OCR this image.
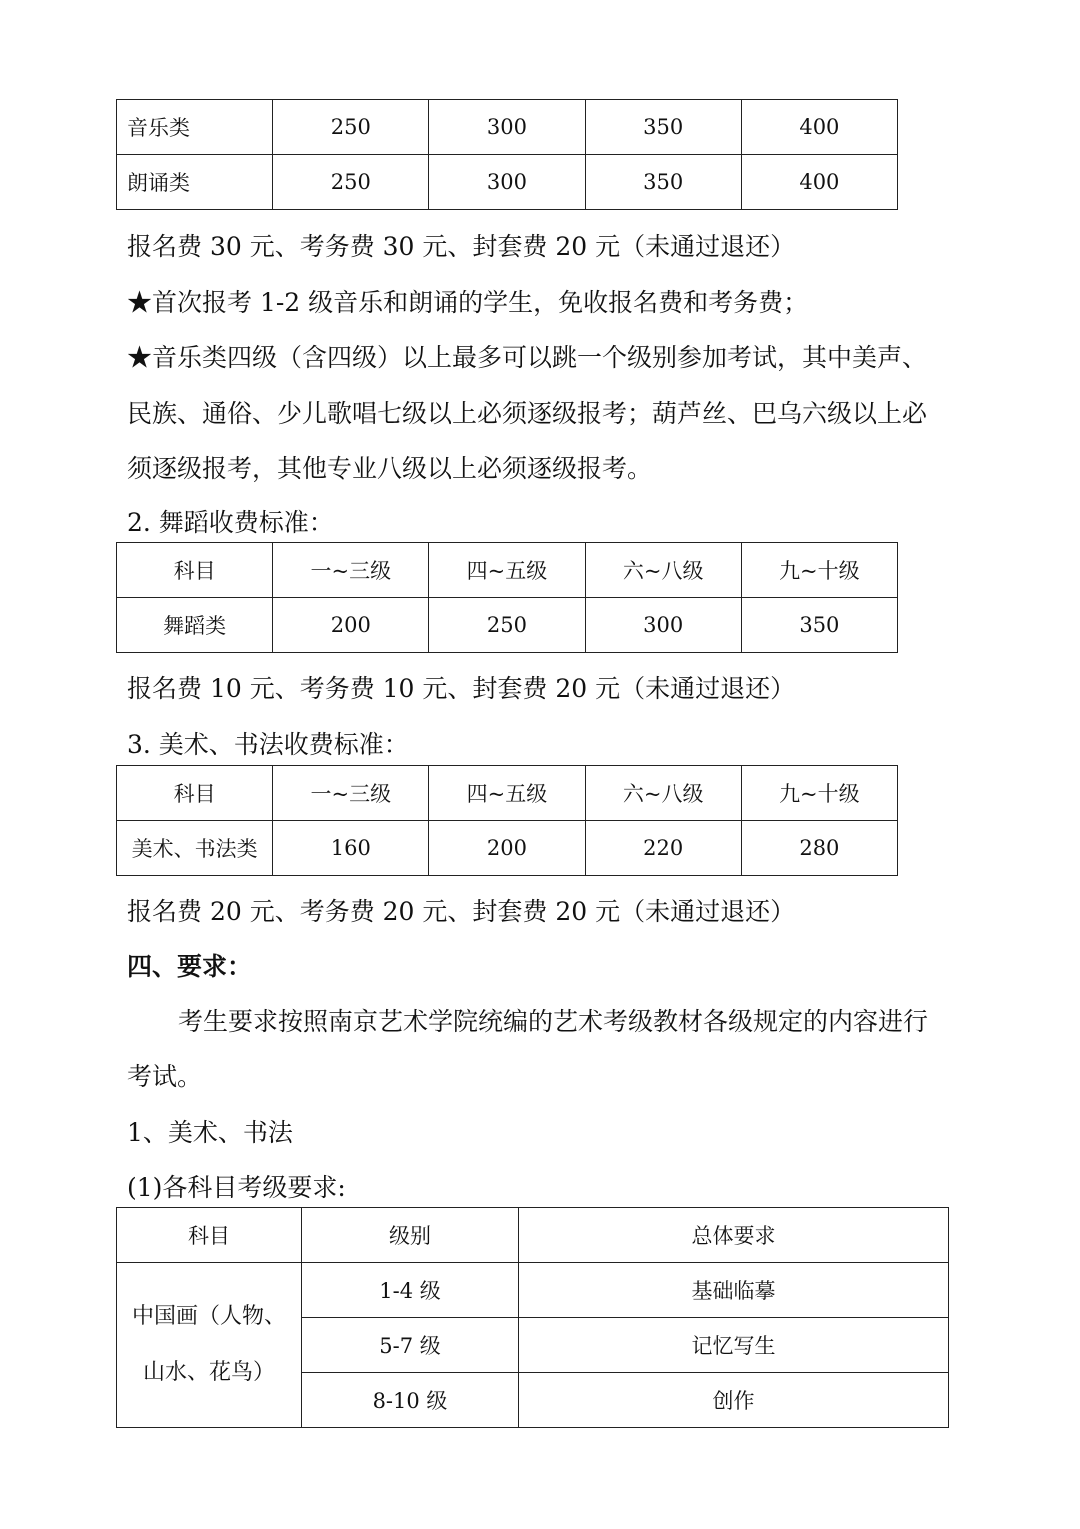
音乐类	250	300	350	400
朗诵类	250	300	350	400
报名费 30 元、考务费 30 元、封套费 20 元（未通过退还）
★首次报考 1-2 级音乐和朗诵的学生，免收报名费和考务费；
★音乐类四级（含四级）以上最多可以跳一个级别参加考试，其中美声、
民族、通俗、少儿歌唱七级以上必须逐级报考；葫芦丝、巴乌六级以上必
须逐级报考，其他专业八级以上必须逐级报考。
2. 舞蹈收费标准：
科目	一~三级	四~五级	六~八级	九~十级
舞蹈类	200	250	300	350
报名费 10 元、考务费 10 元、封套费 20 元（未通过退还）
3. 美术、书法收费标准：
科目	一~三级	四~五级	六~八级	九~十级
美术、书法类	160	200	220	280
报名费 20 元、考务费 20 元、封套费 20 元（未通过退还）
四、要求：
考生要求按照南京艺术学院统编的艺术考级教材各级规定的内容进行
考试。
1、美术、书法
(1)各科目考级要求:
科目	级别	总体要求

中国画（人物、
山水、花鸟）	1-4 级	基础临摹
	5-7 级	记忆写生
	8-10 级	创作
